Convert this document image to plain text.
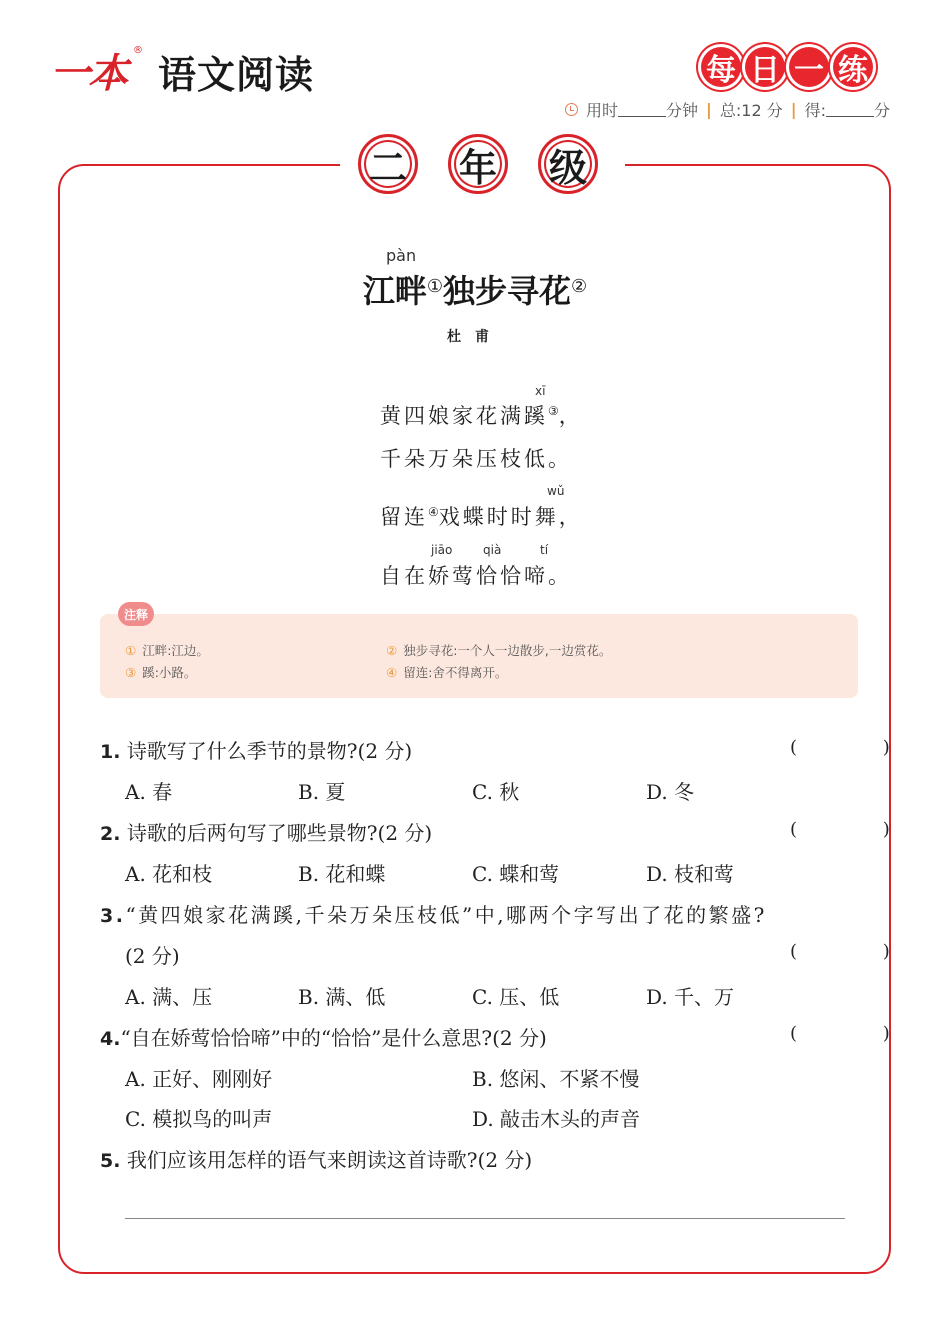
一本
®
语文阅读	每 日 一 练
用时	分钟 | 总:12 分 | 得:	分
二 年 级
pàn
江畔①独步寻花②
杜甫
xī
黄四娘家花满蹊③，
千朵万朵压枝低。
wǔ
留连④戏蝶时时舞，
jiāo	qià	tí
自在娇莺恰恰啼。
注释
① 江畔:江边。	② 独步寻花:一个人一边散步,一边赏花。
③ 蹊:小路。	④ 留连:舍不得离开。
1. 诗歌写了什么季节的景物?(2 分)	( )
A. 春	B. 夏	C. 秋	D. 冬
2. 诗歌的后两句写了哪些景物?(2 分)	( )
A. 花和枝	B. 花和蝶	C. 蝶和莺	D. 枝和莺
3.“黄四娘家花满蹊,千朵万朵压枝低”中,哪两个字写出了花的繁盛?
(2 分)	( )
A. 满、压	B. 满、低	C. 压、低	D. 千、万
4.“自在娇莺恰恰啼”中的“恰恰”是什么意思?(2 分)	( )
A. 正好、刚刚好	B. 悠闲、不紧不慢
C. 模拟鸟的叫声	D. 敲击木头的声音
5. 我们应该用怎样的语气来朗读这首诗歌?(2 分)
